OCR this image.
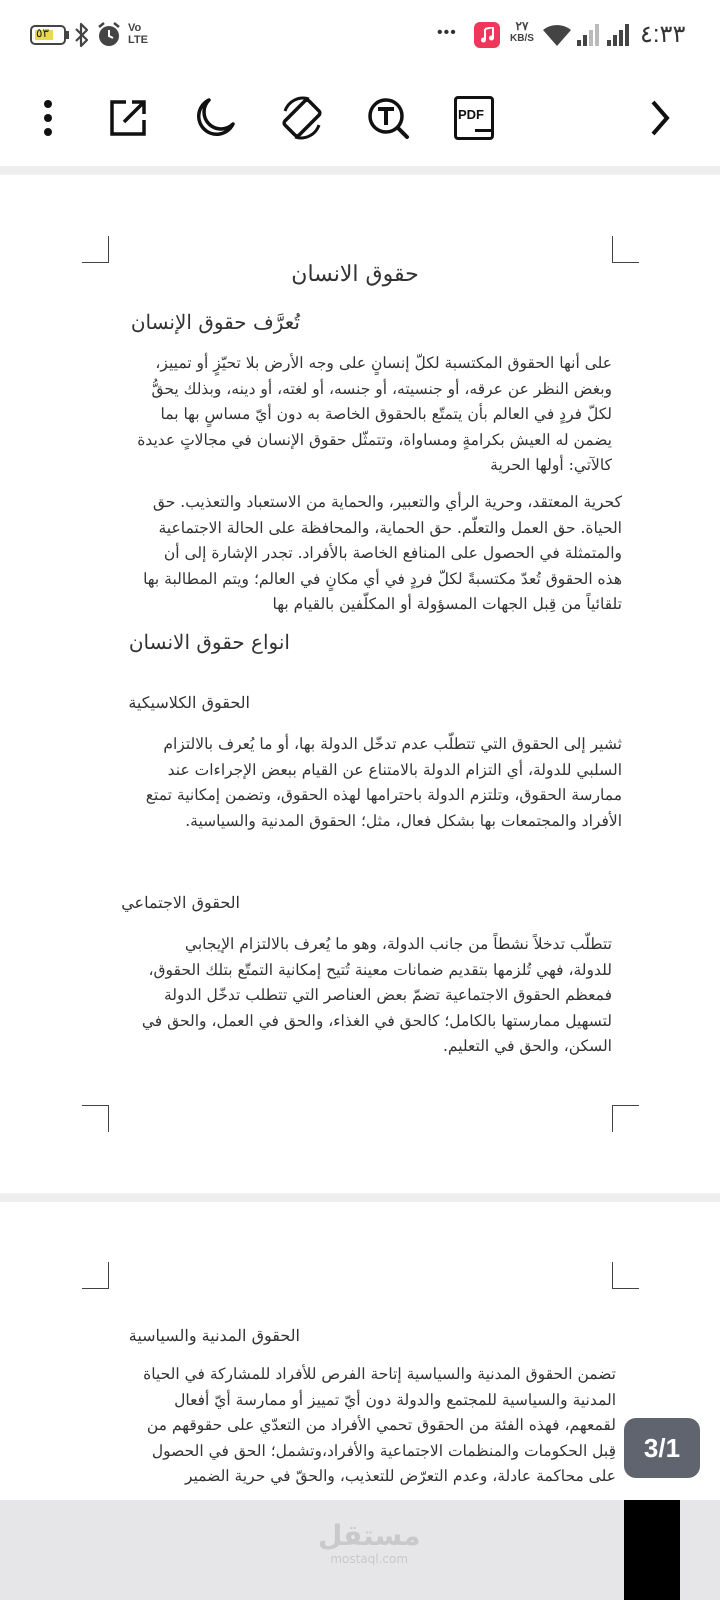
٥٣	Vo
LTE	•••	٢٧
KB/S	٤:٣٣
PDF
حقوق الانسان
تُعرَّف حقوق الإنسان
على أنها الحقوق المكتسبة لكلّ إنسانٍ على وجه الأرض بلا تحيّزٍ أو تمييز،
وبغض النظر عن عرقه، أو جنسيته، أو جنسه، أو لغته، أو دينه، وبذلك يحقُّ
لكلّ فردٍ في العالم بأن يتمتّع بالحقوق الخاصة به دون أيّ مساسٍ بها بما
يضمن له العيش بكرامةٍ ومساواة، وتتمثّل حقوق الإنسان في مجالاتٍ عديدة
كالآتي: أولها الحرية
كحرية المعتقد، وحرية الرأي والتعبير، والحماية من الاستعباد والتعذيب. حق
الحياة. حق العمل والتعلّم. حق الحماية، والمحافظة على الحالة الاجتماعية
والمتمثلة في الحصول على المنافع الخاصة بالأفراد. تجدر الإشارة إلى أن
هذه الحقوق تُعدّ مكتسبةً لكلّ فردٍ في أي مكانٍ في العالم؛ ويتم المطالبة بها
تلقائياً من قِبل الجهات المسؤولة أو المكلّفين بالقيام بها
انواع حقوق الانسان
الحقوق الكلاسيكية
ثشير إلى الحقوق التي تتطلّب عدم تدخّل الدولة بها، أو ما يُعرف بالالتزام
السلبي للدولة، أي التزام الدولة بالامتناع عن القيام ببعض الإجراءات عند
ممارسة الحقوق، وتلتزم الدولة باحترامها لهذه الحقوق، وتضمن إمكانية تمتع
الأفراد والمجتمعات بها بشكل فعال، مثل؛ الحقوق المدنية والسياسية.
الحقوق الاجتماعي
تتطلّب تدخلاً نشطاً من جانب الدولة، وهو ما يُعرف بالالتزام الإيجابي
للدولة، فهي تُلزمها بتقديم ضمانات معينة تُتيح إمكانية التمتّع بتلك الحقوق،
فمعظم الحقوق الاجتماعية تضمّ بعض العناصر التي تتطلب تدخّل الدولة
لتسهيل ممارستها بالكامل؛ كالحق في الغذاء، والحق في العمل، والحق في
السكن، والحق في التعليم.
الحقوق المدنية والسياسية
تضمن الحقوق المدنية والسياسية إتاحة الفرص للأفراد للمشاركة في الحياة
المدنية والسياسية للمجتمع والدولة دون أيّ تمييز أو ممارسة أيّ أفعال
لقمعهم، فهذه الفئة من الحقوق تحمي الأفراد من التعدّي على حقوقهم من
قِبل الحكومات والمنظمات الاجتماعية والأفراد،وتشمل؛ الحق في الحصول
على محاكمة عادلة، وعدم التعرّض للتعذيب، والحقّ في حرية الضمير
3/1
مستقل
mostaql.com
